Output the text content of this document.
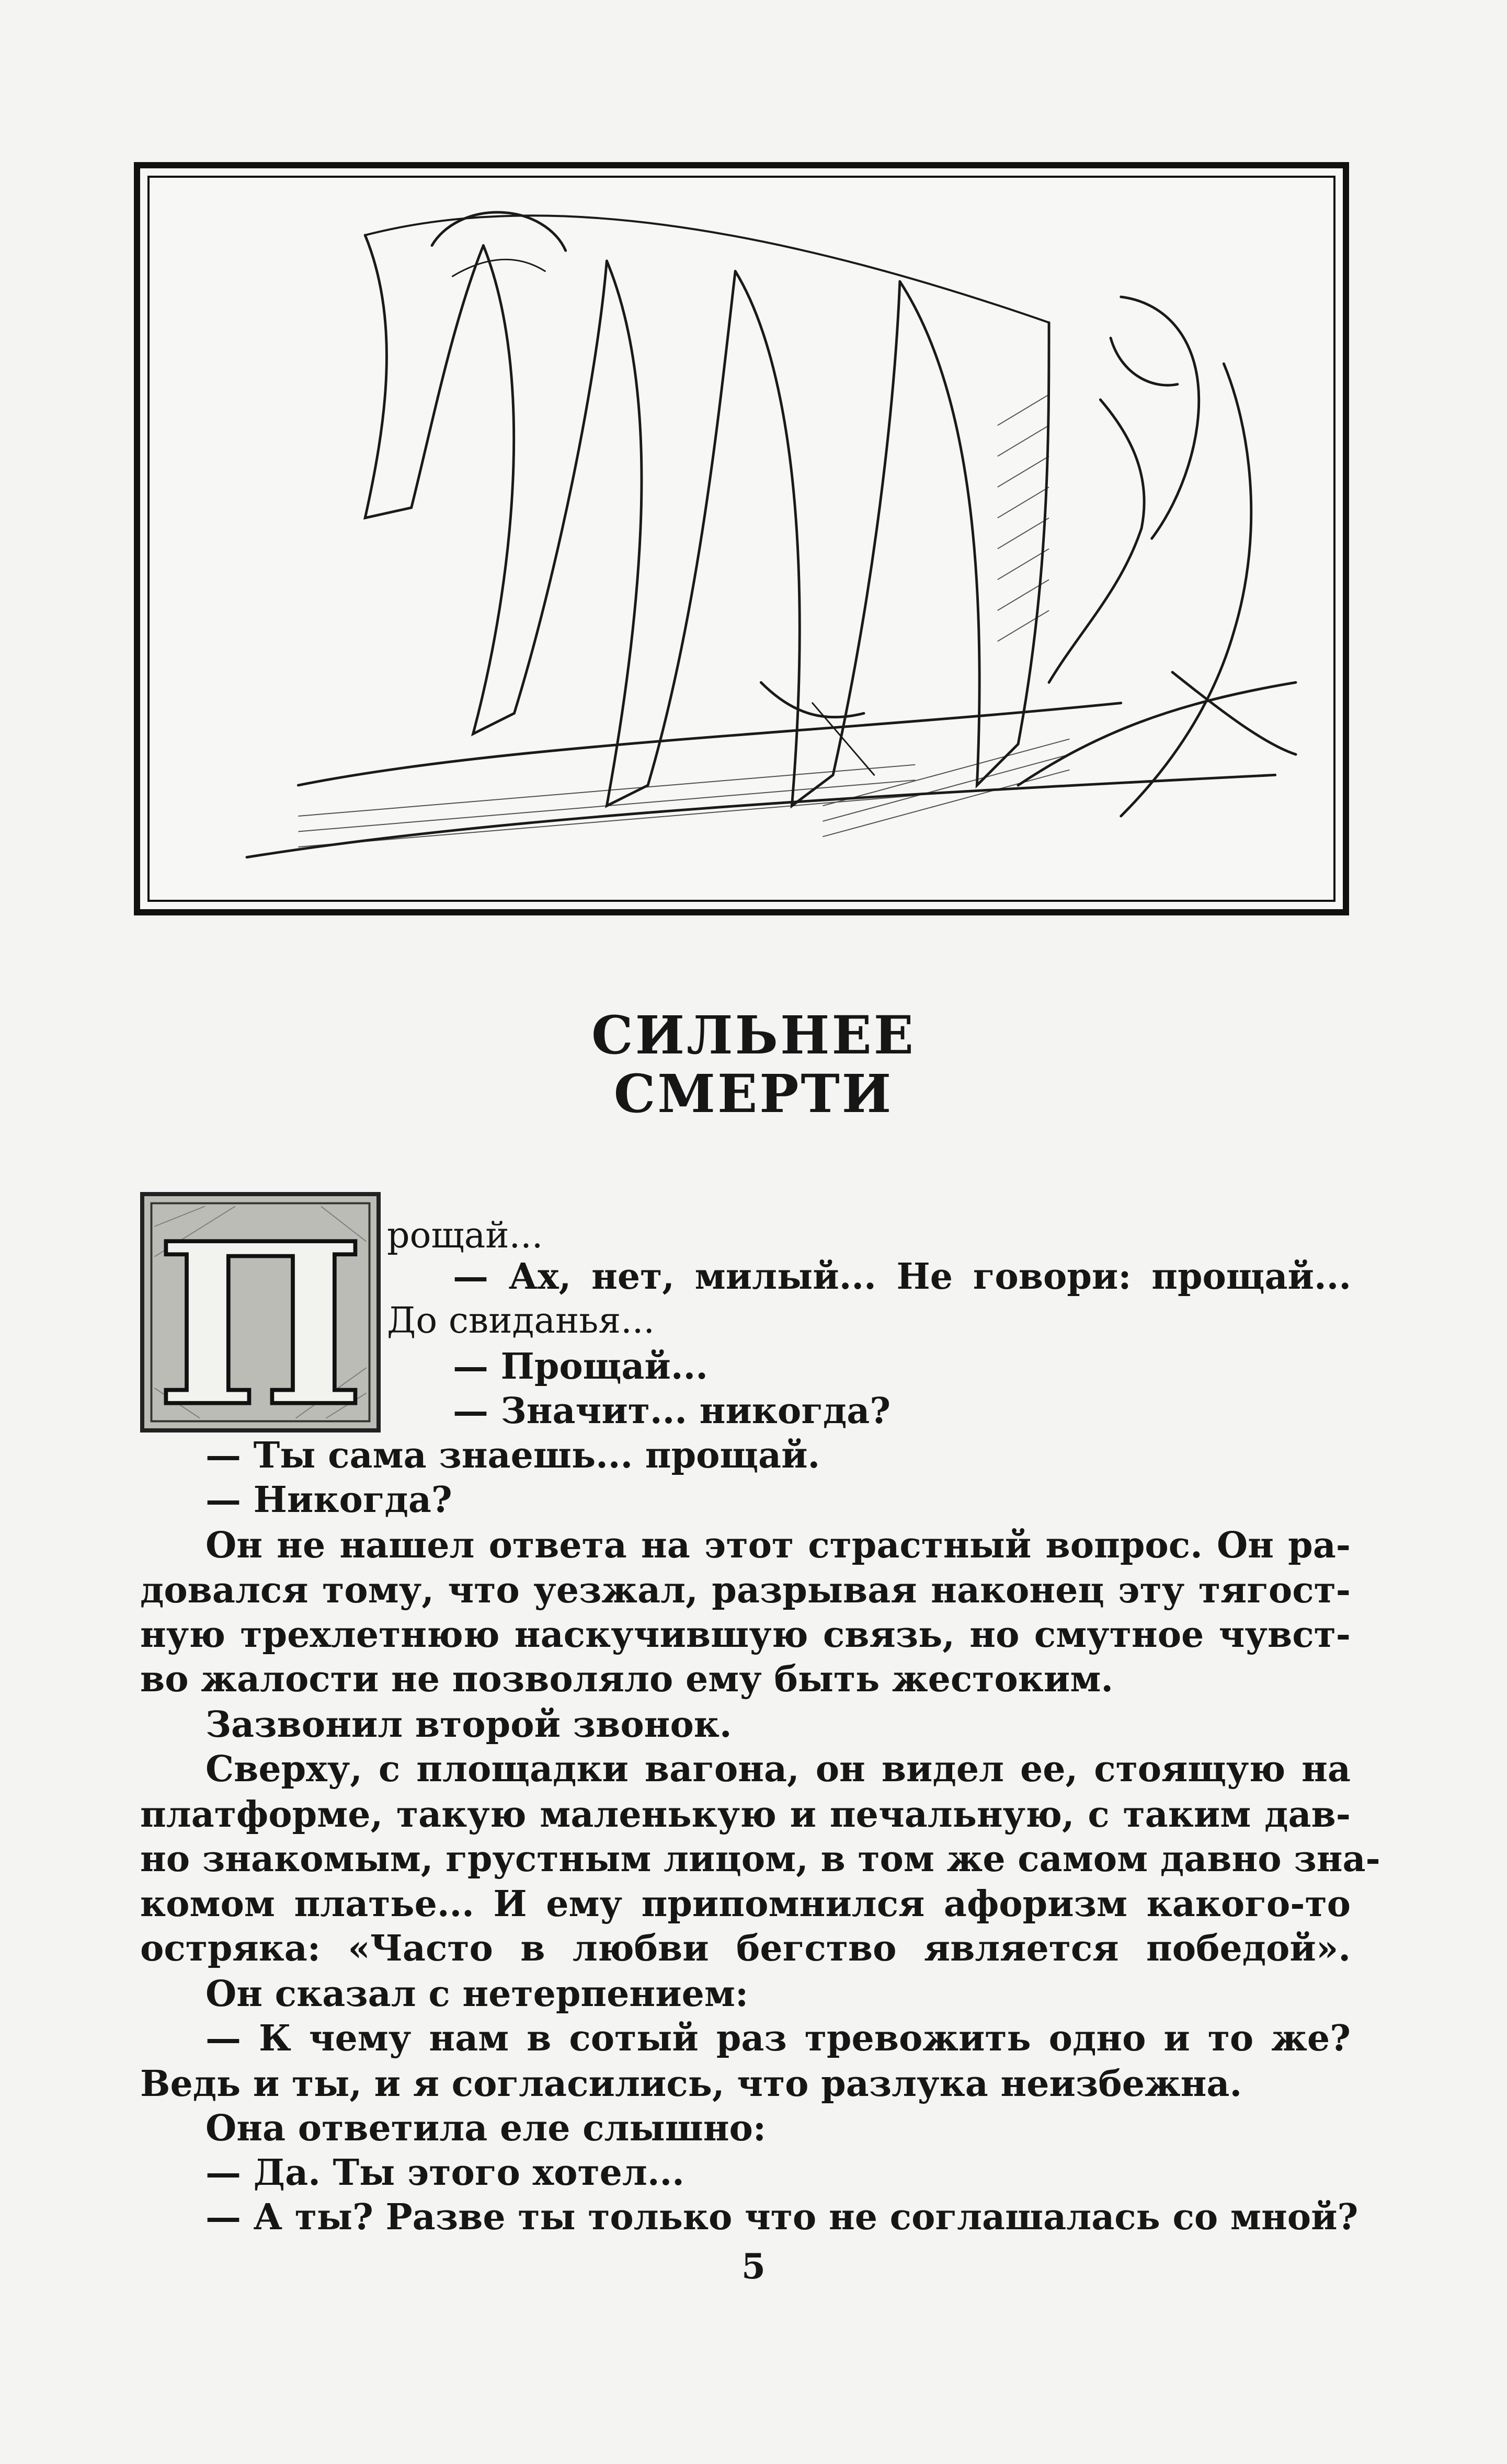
СИЛЬНЕЕ
СМЕРТИ
П рощай...
— Ах, нет, милый... Не говори: прощай...
До свиданья...
— Прощай...
— Значит... никогда?
— Ты сама знаешь... прощай.
— Никогда?
Он не нашел ответа на этот страстный вопрос. Он ра-
довался тому, что уезжал, разрывая наконец эту тягост-
ную трехлетнюю наскучившую связь, но смутное чувст-
во жалости не позволяло ему быть жестоким.
Зазвонил второй звонок.
Сверху, с площадки вагона, он видел ее, стоящую на
платформе, такую маленькую и печальную, с таким дав-
но знакомым, грустным лицом, в том же самом давно зна-
комом платье... И ему припомнился афоризм какого-то
остряка: «Часто в любви бегство является победой».
Он сказал с нетерпением:
— К чему нам в сотый раз тревожить одно и то же?
Ведь и ты, и я согласились, что разлука неизбежна.
Она ответила еле слышно:
— Да. Ты этого хотел...
— А ты? Разве ты только что не соглашалась со мной?
5
